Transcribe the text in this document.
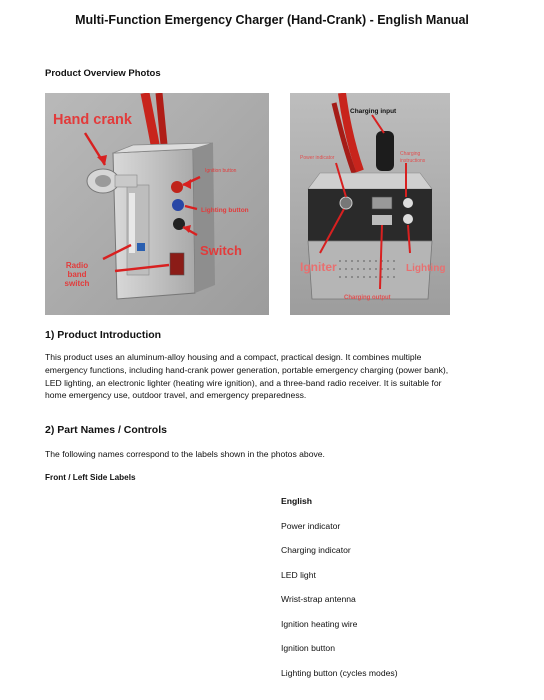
Multi-Function Emergency Charger (Hand-Crank) - English Manual
Product Overview Photos
Hand crank
Ignition button
Lighting button
Switch
Radio
band
switch
Charging input
Power indicator
Charging
instructions
Igniter	Lighting
Charging output
1) Product Introduction
This product uses an aluminum-alloy housing and a compact, practical design. It combines multiple
emergency functions, including hand-crank power generation, portable emergency charging (power bank),
LED lighting, an electronic lighter (heating wire ignition), and a three-band radio receiver. It is suitable for
home emergency use, outdoor travel, and emergency preparedness.
2) Part Names / Controls
The following names correspond to the labels shown in the photos above.
Front / Left Side Labels
English
Power indicator
Charging indicator
LED light
Wrist-strap antenna
Ignition heating wire
Ignition button
Lighting button (cycles modes)
